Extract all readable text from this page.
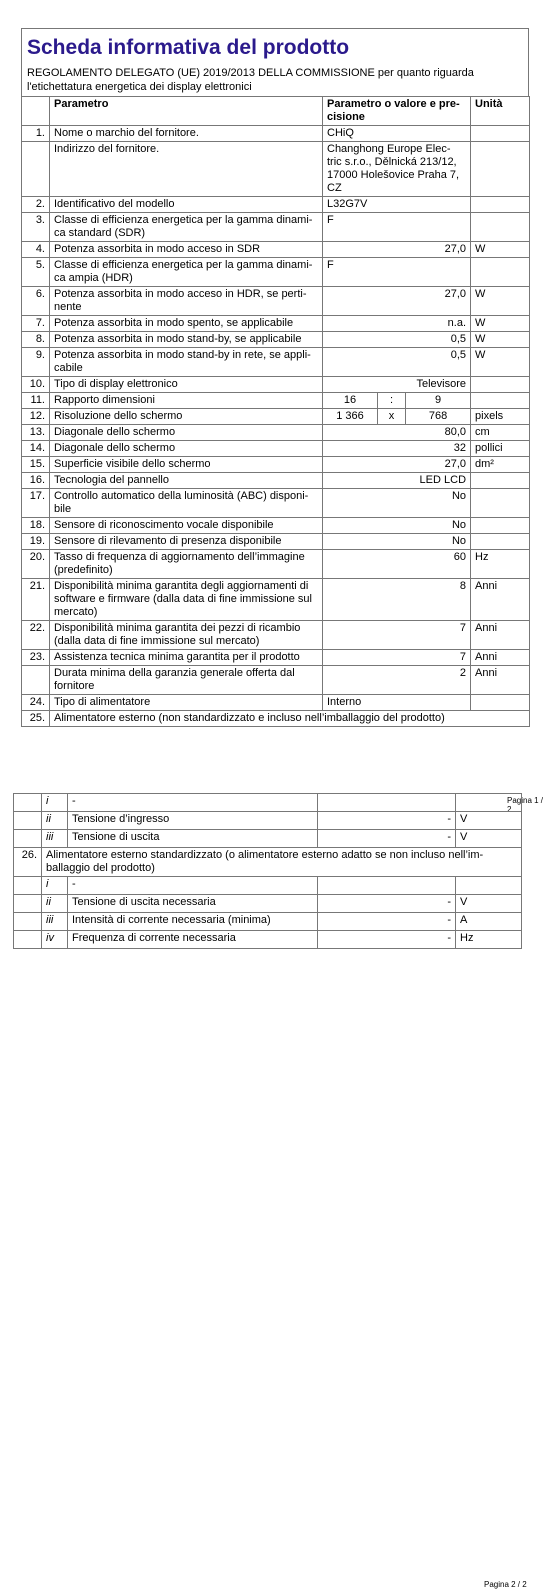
Scheda informativa del prodotto
REGOLAMENTO DELEGATO (UE) 2019/2013 DELLA COMMISSIONE per quanto riguarda l'etichettatura energetica dei display elettronici
	Parametro	Parametro o valore e pre- cisione			Unità
1.	Nome o marchio del fornitore.	CHiQ			
	Indirizzo del fornitore.	Changhong Europe Elec- tric s.r.o., Dělnická 213/12, 17000 Holešovice Praha 7, CZ			
2.	Identificativo del modello	L32G7V			
3.	Classe di efficienza energetica per la gamma dinami- ca standard (SDR)	F			
4.	Potenza assorbita in modo acceso in SDR	27,0			W
5.	Classe di efficienza energetica per la gamma dinami- ca ampia (HDR)	F			
6.	Potenza assorbita in modo acceso in HDR, se perti- nente	27,0			W
7.	Potenza assorbita in modo spento, se applicabile	n.a.			W
8.	Potenza assorbita in modo stand-by, se applicabile	0,5			W
9.	Potenza assorbita in modo stand-by in rete, se appli- cabile	0,5			W
10.	Tipo di display elettronico	Televisore			
11.	Rapporto dimensioni	16	:	9	
12.	Risoluzione dello schermo	1 366	x	768	pixels
13.	Diagonale dello schermo	80,0			cm
14.	Diagonale dello schermo	32			pollici
15.	Superficie visibile dello schermo	27,0			dm²
16.	Tecnologia del pannello	LED LCD			
17.	Controllo automatico della luminosità (ABC) disponi- bile	No			
18.	Sensore di riconoscimento vocale disponibile	No			
19.	Sensore di rilevamento di presenza disponibile	No			
20.	Tasso di frequenza di aggiornamento dell’immagine (predefinito)	60			Hz
21.	Disponibilità minima garantita degli aggiornamenti di software e firmware (dalla data di fine immissione sul mercato)	8			Anni
22.	Disponibilità minima garantita dei pezzi di ricambio (dalla data di fine immissione sul mercato)	7			Anni
23.	Assistenza tecnica minima garantita per il prodotto	7			Anni
	Durata minima della garanzia generale offerta dal fornitore	2			Anni
24.	Tipo di alimentatore	Interno			
25.	Alimentatore esterno (non standardizzato e incluso nell’imballaggio del prodotto)				
Pagina 1 / 2
	i	-		
	ii	Tensione d’ingresso	-	V
	iii	Tensione di uscita	-	V
26.	Alimentatore esterno standardizzato (o alimentatore esterno adatto se non incluso nell’im- ballaggio del prodotto)			
	i	-		
	ii	Tensione di uscita necessaria	-	V
	iii	Intensità di corrente necessaria (minima)	-	A
	iv	Frequenza di corrente necessaria	-	Hz
Pagina 2 / 2
